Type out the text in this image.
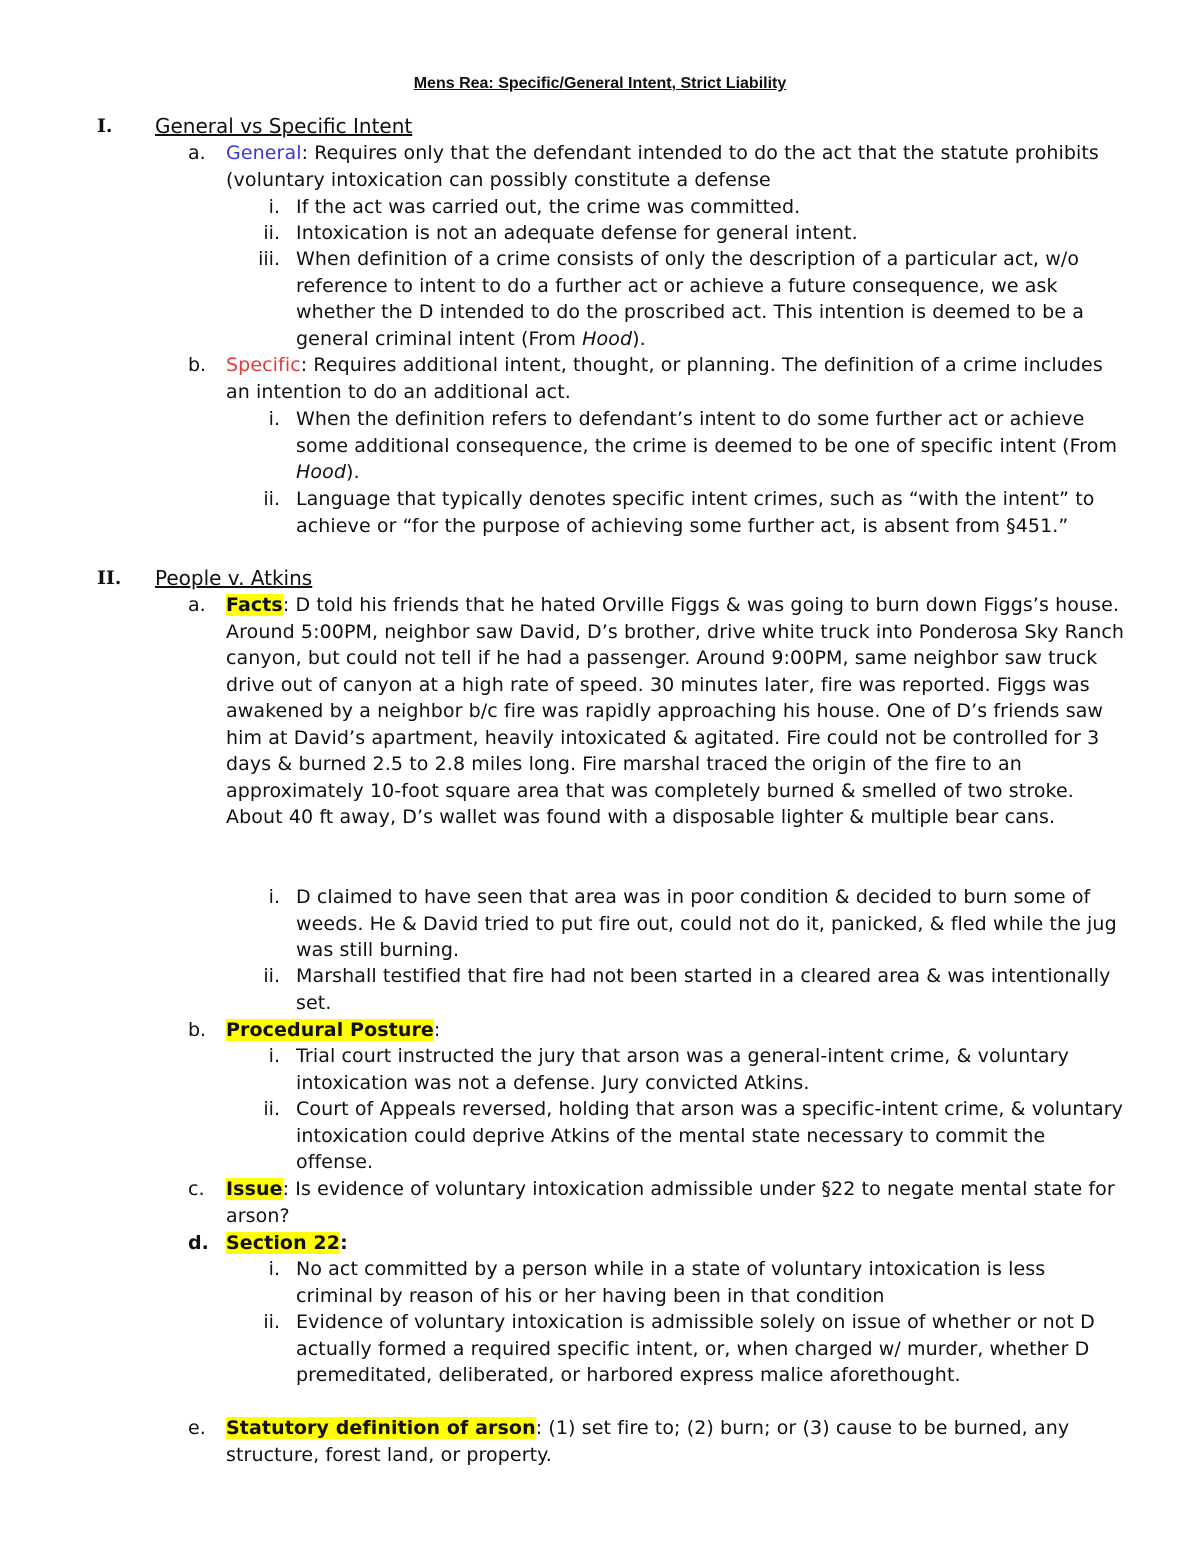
Mens Rea: Specific/General Intent, Strict Liability
I. General vs Specific Intent
a. General: Requires only that the defendant intended to do the act that the statute prohibits (voluntary intoxication can possibly constitute a defense
i. If the act was carried out, the crime was committed.
ii. Intoxication is not an adequate defense for general intent.
iii. When definition of a crime consists of only the description of a particular act, w/o reference to intent to do a further act or achieve a future consequence, we ask whether the D intended to do the proscribed act. This intention is deemed to be a general criminal intent (From Hood).
b. Specific: Requires additional intent, thought, or planning. The definition of a crime includes an intention to do an additional act.
i. When the definition refers to defendant’s intent to do some further act or achieve some additional consequence, the crime is deemed to be one of specific intent (From Hood).
ii. Language that typically denotes specific intent crimes, such as “with the intent” to achieve or “for the purpose of achieving some further act, is absent from §451.”
II. People v. Atkins
a. Facts: D told his friends that he hated Orville Figgs & was going to burn down Figgs’s house. Around 5:00PM, neighbor saw David, D’s brother, drive white truck into Ponderosa Sky Ranch canyon, but could not tell if he had a passenger. Around 9:00PM, same neighbor saw truck drive out of canyon at a high rate of speed. 30 minutes later, fire was reported. Figgs was awakened by a neighbor b/c fire was rapidly approaching his house. One of D’s friends saw him at David’s apartment, heavily intoxicated & agitated. Fire could not be controlled for 3 days & burned 2.5 to 2.8 miles long. Fire marshal traced the origin of the fire to an approximately 10-foot square area that was completely burned & smelled of two stroke. About 40 ft away, D’s wallet was found with a disposable lighter & multiple bear cans.
i. D claimed to have seen that area was in poor condition & decided to burn some of weeds. He & David tried to put fire out, could not do it, panicked, & fled while the jug was still burning.
ii. Marshall testified that fire had not been started in a cleared area & was intentionally set.
b. Procedural Posture:
i. Trial court instructed the jury that arson was a general-intent crime, & voluntary intoxication was not a defense. Jury convicted Atkins.
ii. Court of Appeals reversed, holding that arson was a specific-intent crime, & voluntary intoxication could deprive Atkins of the mental state necessary to commit the offense.
c. Issue: Is evidence of voluntary intoxication admissible under §22 to negate mental state for arson?
d. Section 22:
i. No act committed by a person while in a state of voluntary intoxication is less criminal by reason of his or her having been in that condition
ii. Evidence of voluntary intoxication is admissible solely on issue of whether or not D actually formed a required specific intent, or, when charged w/ murder, whether D premeditated, deliberated, or harbored express malice aforethought.
e. Statutory definition of arson: (1) set fire to; (2) burn; or (3) cause to be burned, any structure, forest land, or property.
